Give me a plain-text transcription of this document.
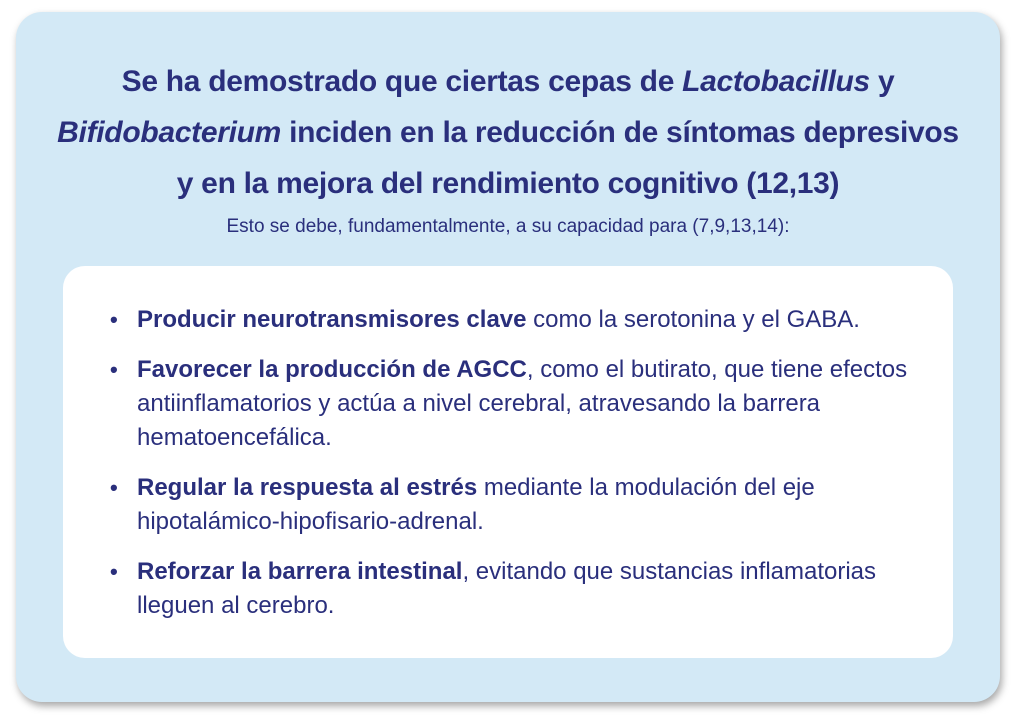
Se ha demostrado que ciertas cepas de Lactobacillus y
Bifidobacterium inciden en la reducción de síntomas depresivos y en la mejora del rendimiento cognitivo (12,13)

Esto se debe, fundamentalmente, a su capacidad para (7,9,13,14):

• Producir neurotransmisores clave como la serotonina y el GABA.
• Favorecer la producción de AGCC, como el butirato, que tiene efectos antiinflamatorios y actúa a nivel cerebral, atravesando la barrera hematoencefálica.
• Regular la respuesta al estrés mediante la modulación del eje hipotalámico-hipofisario-adrenal.
• Reforzar la barrera intestinal, evitando que sustancias inflamatorias lleguen al cerebro.
